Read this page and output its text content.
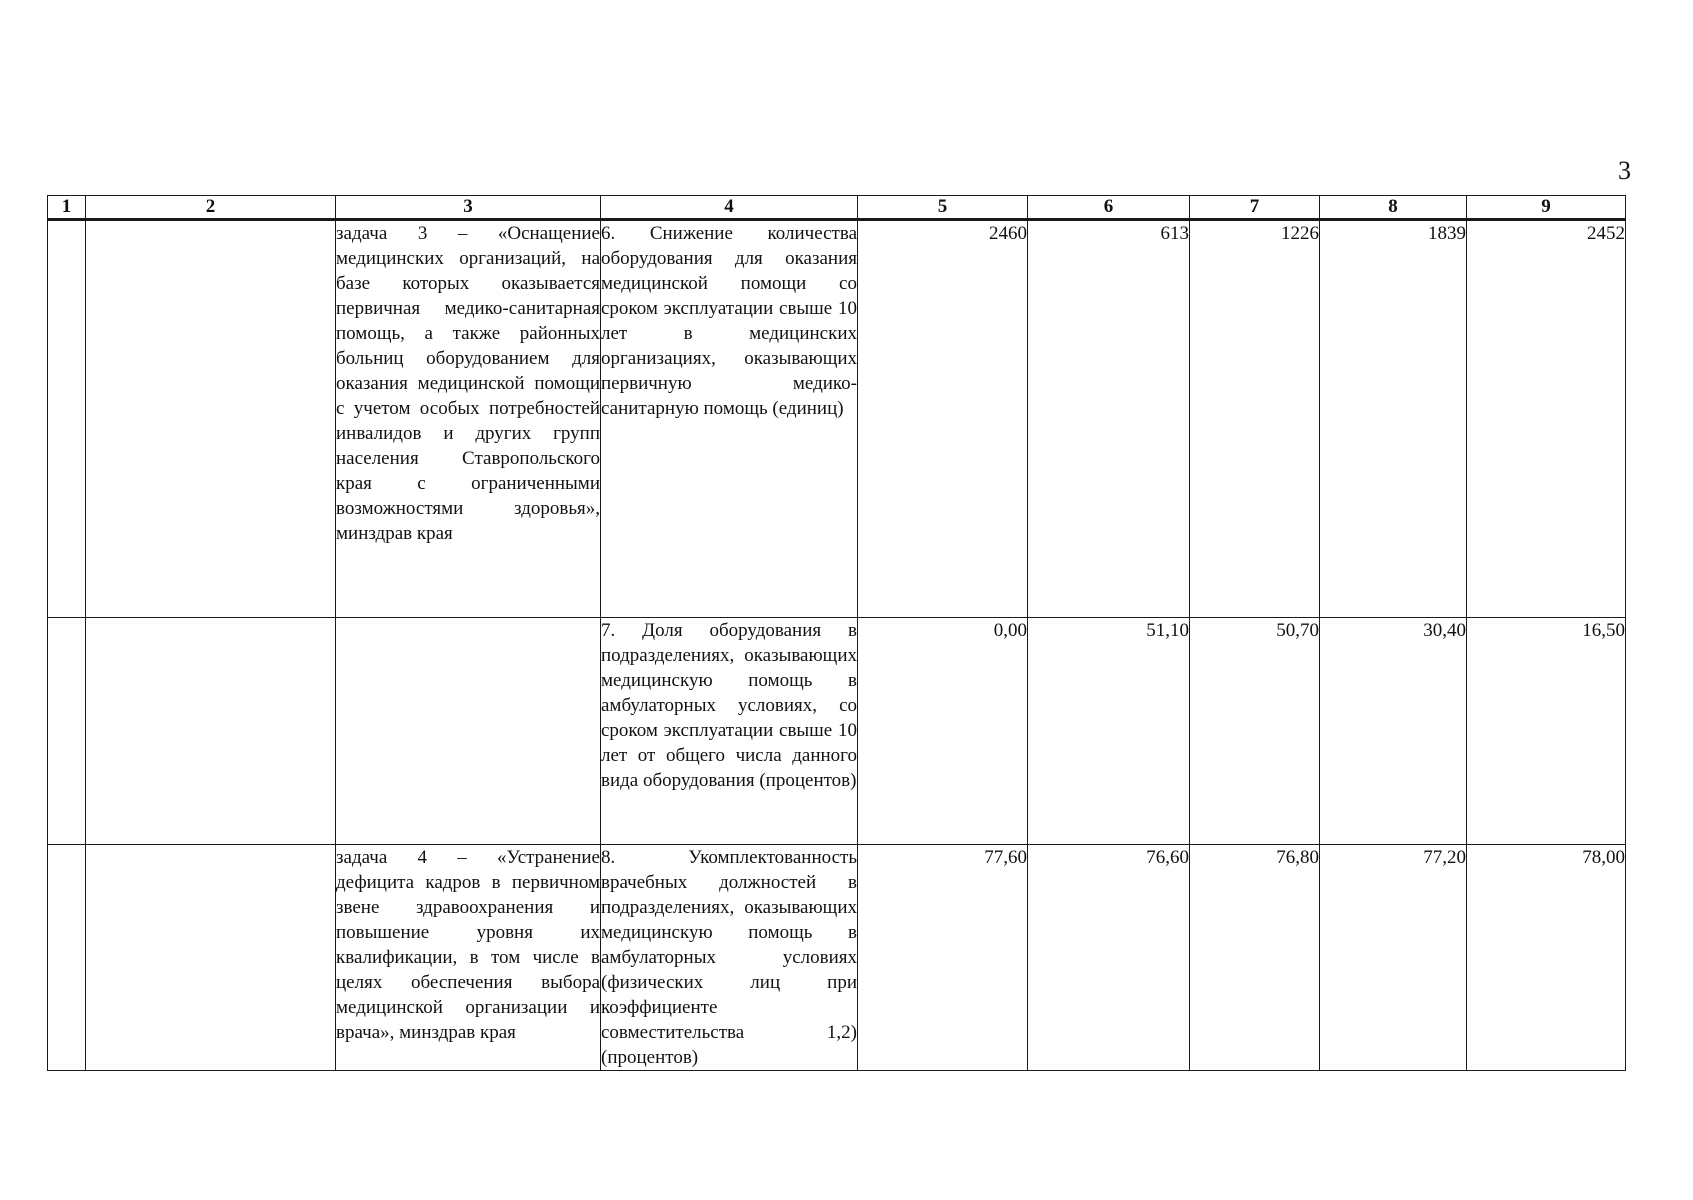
3
1	2	3	4	5	6	7	8	9
		задача 3 – «Оснащение медицинских организаций, на базе которых оказывается первичная медико-санитарная помощь, а также районных больниц оборудованием для оказания медицинской помощи с учетом особых потребностей инвалидов и других групп населения Ставропольского края с ограниченными возможностями здоровья», минздрав края	6. Снижение количества оборудования для оказания медицинской помощи со сроком эксплуатации свыше 10 лет в медицинских организациях, оказывающих первичную медико-санитарную помощь (единиц)	2460	613	1226	1839	2452
			7. Доля оборудования в подразделениях, оказывающих медицинскую помощь в амбулаторных условиях, со сроком эксплуатации свыше 10 лет от общего числа данного вида оборудования (процентов)	0,00	51,10	50,70	30,40	16,50
		задача 4 – «Устранение дефицита кадров в первичном звене здравоохранения и повышение уровня их квалификации, в том числе в целях обеспечения выбора медицинской организации и врача», минздрав края	8. Укомплектованность врачебных должностей в подразделениях, оказывающих медицинскую помощь в амбулаторных условиях (физических лиц при коэффициенте совместительства 1,2) (процентов)	77,60	76,60	76,80	77,20	78,00
